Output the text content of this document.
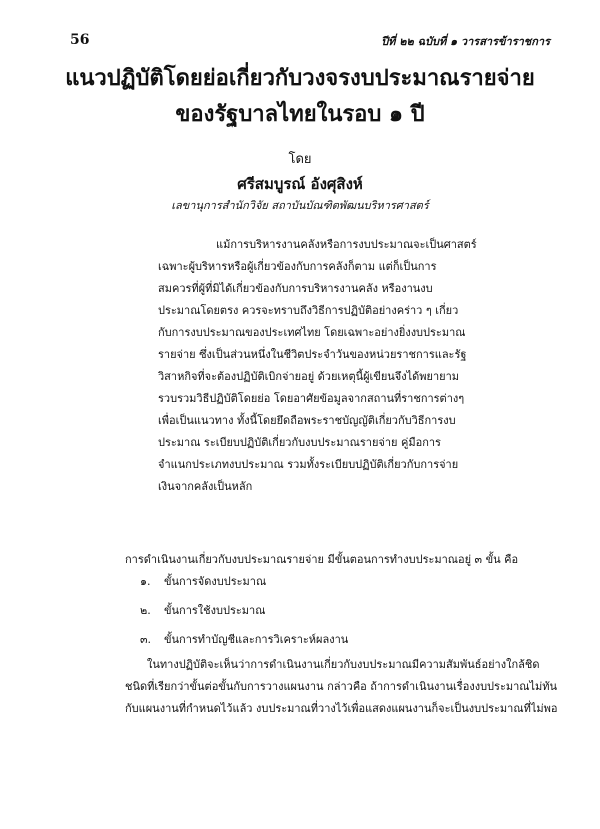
56	ปีที่ ๒๒ ฉบับที่ ๑ วารสารข้าราชการ
แนวปฏิบัติโดยย่อเกี่ยวกับวงจรงบประมาณรายจ่าย
ของรัฐบาลไทยในรอบ ๑ ปี
โดย
ศรีสมบูรณ์ อังศุสิงห์
เลขานุการสำนักวิจัย สถาบันบัณฑิตพัฒนบริหารศาสตร์

แม้การบริหารงานคลังหรือการงบประมาณจะเป็นศาสตร์
เฉพาะผู้บริหารหรือผู้เกี่ยวข้องกับการคลังก็ตาม แต่ก็เป็นการ
สมควรที่ผู้ที่มิได้เกี่ยวข้องกับการบริหารงานคลัง หรืองานงบ
ประมาณโดยตรง ควรจะทราบถึงวิธีการปฏิบัติอย่างคร่าว ๆ เกี่ยว
กับการงบประมาณของประเทศไทย โดยเฉพาะอย่างยิ่งงบประมาณ
รายจ่าย ซึ่งเป็นส่วนหนึ่งในชีวิตประจำวันของหน่วยราชการและรัฐ
วิสาหกิจที่จะต้องปฏิบัติเบิกจ่ายอยู่ ด้วยเหตุนี้ผู้เขียนจึงได้พยายาม
รวบรวมวิธีปฏิบัติโดยย่อ โดยอาศัยข้อมูลจากสถานที่ราชการต่างๆ
เพื่อเป็นแนวทาง ทั้งนี้โดยยึดถือพระราชบัญญัติเกี่ยวกับวิธีการงบ
ประมาณ ระเบียบปฏิบัติเกี่ยวกับงบประมาณรายจ่าย คู่มือการ
จำแนกประเภทงบประมาณ รวมทั้งระเบียบปฏิบัติเกี่ยวกับการจ่าย
เงินจากคลังเป็นหลัก

การดำเนินงานเกี่ยวกับงบประมาณรายจ่าย มีขั้นตอนการทำงบประมาณอยู่ ๓ ขั้น คือ
๑. ขั้นการจัดงบประมาณ
๒. ขั้นการใช้งบประมาณ
๓. ขั้นการทำบัญชีและการวิเคราะห์ผลงาน

ในทางปฏิบัติจะเห็นว่าการดำเนินงานเกี่ยวกับงบประมาณมีความสัมพันธ์อย่างใกล้ชิด
ชนิดที่เรียกว่าขั้นต่อขั้นกับการวางแผนงาน กล่าวคือ ถ้าการดำเนินงานเรื่องงบประมาณไม่ทัน
กับแผนงานที่กำหนดไว้แล้ว งบประมาณที่วางไว้เพื่อแสดงแผนงานก็จะเป็นงบประมาณที่ไม่พอ
